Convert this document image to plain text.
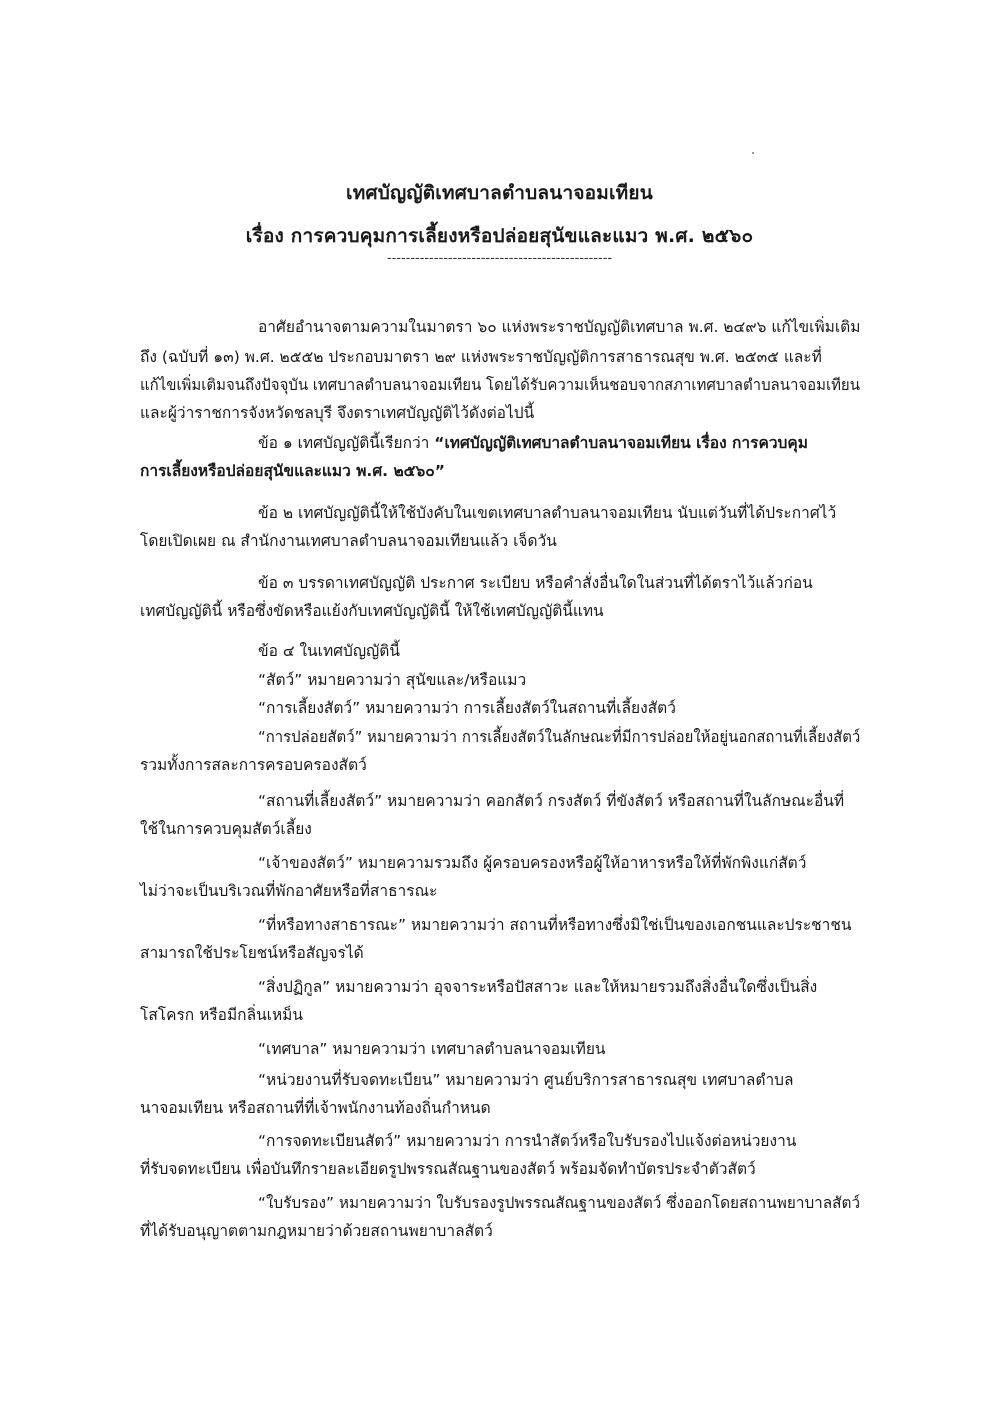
เทศบัญญัติเทศบาลตำบลนาจอมเทียน
เรื่อง การควบคุมการเลี้ยงหรือปล่อยสุนัขและแมว พ.ศ. ๒๕๖๐
------------------------------------------------
อาศัยอำนาจตามความในมาตรา ๖๐ แห่งพระราชบัญญัติเทศบาล พ.ศ. ๒๔๙๖ แก้ไขเพิ่มเติม
ถึง (ฉบับที่ ๑๓) พ.ศ. ๒๕๕๒ ประกอบมาตรา ๒๙ แห่งพระราชบัญญัติการสาธารณสุข พ.ศ. ๒๕๓๕ และที่
แก้ไขเพิ่มเติมจนถึงปัจจุบัน เทศบาลตำบลนาจอมเทียน โดยได้รับความเห็นชอบจากสภาเทศบาลตำบลนาจอมเทียน
และผู้ว่าราชการจังหวัดชลบุรี จึงตราเทศบัญญัติไว้ดังต่อไปนี้
ข้อ ๑ เทศบัญญัตินี้เรียกว่า “เทศบัญญัติเทศบาลตำบลนาจอมเทียน เรื่อง การควบคุม
การเลี้ยงหรือปล่อยสุนัขและแมว พ.ศ. ๒๕๖๐”
ข้อ ๒ เทศบัญญัตินี้ให้ใช้บังคับในเขตเทศบาลตำบลนาจอมเทียน นับแต่วันที่ได้ประกาศไว้
โดยเปิดเผย ณ สำนักงานเทศบาลตำบลนาจอมเทียนแล้ว เจ็ดวัน
ข้อ ๓ บรรดาเทศบัญญัติ ประกาศ ระเบียบ หรือคำสั่งอื่นใดในส่วนที่ได้ตราไว้แล้วก่อน
เทศบัญญัตินี้ หรือซึ่งขัดหรือแย้งกับเทศบัญญัตินี้ ให้ใช้เทศบัญญัตินี้แทน
ข้อ ๔ ในเทศบัญญัตินี้
“สัตว์” หมายความว่า สุนัขและ/หรือแมว
“การเลี้ยงสัตว์” หมายความว่า การเลี้ยงสัตว์ในสถานที่เลี้ยงสัตว์
“การปล่อยสัตว์” หมายความว่า การเลี้ยงสัตว์ในลักษณะที่มีการปล่อยให้อยู่นอกสถานที่เลี้ยงสัตว์
รวมทั้งการสละการครอบครองสัตว์
“สถานที่เลี้ยงสัตว์” หมายความว่า คอกสัตว์ กรงสัตว์ ที่ขังสัตว์ หรือสถานที่ในลักษณะอื่นที่
ใช้ในการควบคุมสัตว์เลี้ยง
“เจ้าของสัตว์” หมายความรวมถึง ผู้ครอบครองหรือผู้ให้อาหารหรือให้ที่พักพิงแก่สัตว์
ไม่ว่าจะเป็นบริเวณที่พักอาศัยหรือที่สาธารณะ
“ที่หรือทางสาธารณะ” หมายความว่า สถานที่หรือทางซึ่งมิใช่เป็นของเอกชนและประชาชน
สามารถใช้ประโยชน์หรือสัญจรได้
“สิ่งปฏิกูล” หมายความว่า อุจจาระหรือปัสสาวะ และให้หมายรวมถึงสิ่งอื่นใดซึ่งเป็นสิ่ง
โสโครก หรือมีกลิ่นเหม็น
“เทศบาล” หมายความว่า เทศบาลตำบลนาจอมเทียน
“หน่วยงานที่รับจดทะเบียน” หมายความว่า ศูนย์บริการสาธารณสุข เทศบาลตำบล
นาจอมเทียน หรือสถานที่ที่เจ้าพนักงานท้องถิ่นกำหนด
“การจดทะเบียนสัตว์” หมายความว่า การนำสัตว์หรือใบรับรองไปแจ้งต่อหน่วยงาน
ที่รับจดทะเบียน เพื่อบันทึกรายละเอียดรูปพรรณสัณฐานของสัตว์ พร้อมจัดทำบัตรประจำตัวสัตว์
“ใบรับรอง” หมายความว่า ใบรับรองรูปพรรณสัณฐานของสัตว์ ซึ่งออกโดยสถานพยาบาลสัตว์
ที่ได้รับอนุญาตตามกฎหมายว่าด้วยสถานพยาบาลสัตว์
